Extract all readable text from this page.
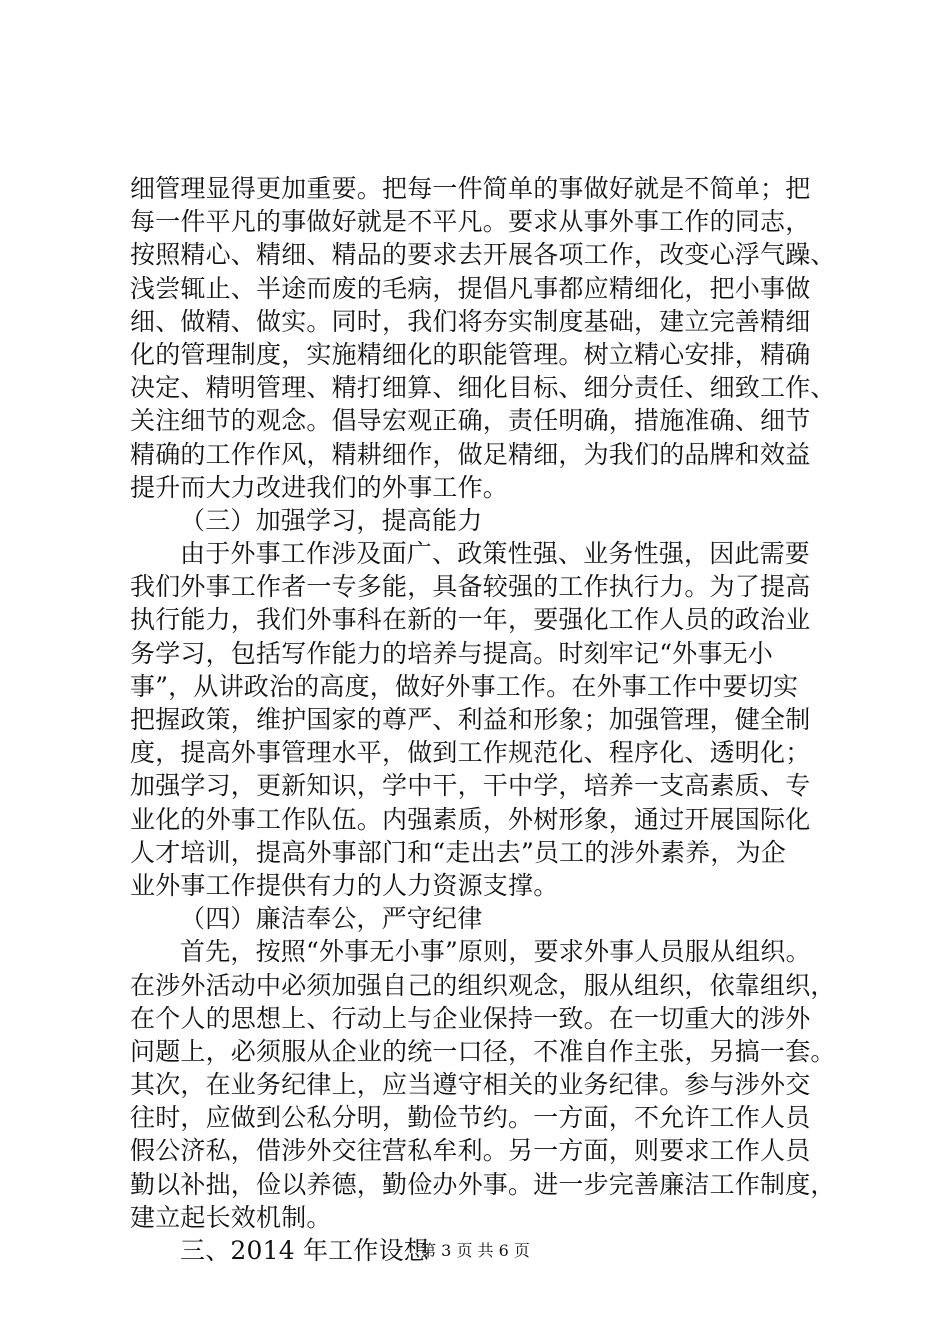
细管理显得更加重要。把每一件简单的事做好就是不简单；把
每一件平凡的事做好就是不平凡。要求从事外事工作的同志，
按照精心、精细、精品的要求去开展各项工作，改变心浮气躁、
浅尝辄止、半途而废的毛病，提倡凡事都应精细化，把小事做
细、做精、做实。同时，我们将夯实制度基础，建立完善精细
化的管理制度，实施精细化的职能管理。树立精心安排，精确
决定、精明管理、精打细算、细化目标、细分责任、细致工作、
关注细节的观念。倡导宏观正确，责任明确，措施准确、细节
精确的工作作风，精耕细作，做足精细，为我们的品牌和效益
提升而大力改进我们的外事工作。
（三）加强学习，提高能力
由于外事工作涉及面广、政策性强、业务性强，因此需要
我们外事工作者一专多能，具备较强的工作执行力。为了提高
执行能力，我们外事科在新的一年，要强化工作人员的政治业
务学习，包括写作能力的培养与提高。时刻牢记“外事无小
事”，从讲政治的高度，做好外事工作。在外事工作中要切实
把握政策，维护国家的尊严、利益和形象；加强管理，健全制
度，提高外事管理水平，做到工作规范化、程序化、透明化；
加强学习，更新知识，学中干，干中学，培养一支高素质、专
业化的外事工作队伍。内强素质，外树形象，通过开展国际化
人才培训，提高外事部门和“走出去”员工的涉外素养，为企
业外事工作提供有力的人力资源支撑。
（四）廉洁奉公，严守纪律
首先，按照“外事无小事”原则，要求外事人员服从组织。
在涉外活动中必须加强自己的组织观念，服从组织，依靠组织，
在个人的思想上、行动上与企业保持一致。在一切重大的涉外
问题上，必须服从企业的统一口径，不准自作主张，另搞一套。
其次，在业务纪律上，应当遵守相关的业务纪律。参与涉外交
往时，应做到公私分明，勤俭节约。一方面，不允许工作人员
假公济私，借涉外交往营私牟利。另一方面，则要求工作人员
勤以补拙，俭以养德，勤俭办外事。进一步完善廉洁工作制度，
建立起长效机制。
三、2014 年工作设想
第 3 页 共 6 页
